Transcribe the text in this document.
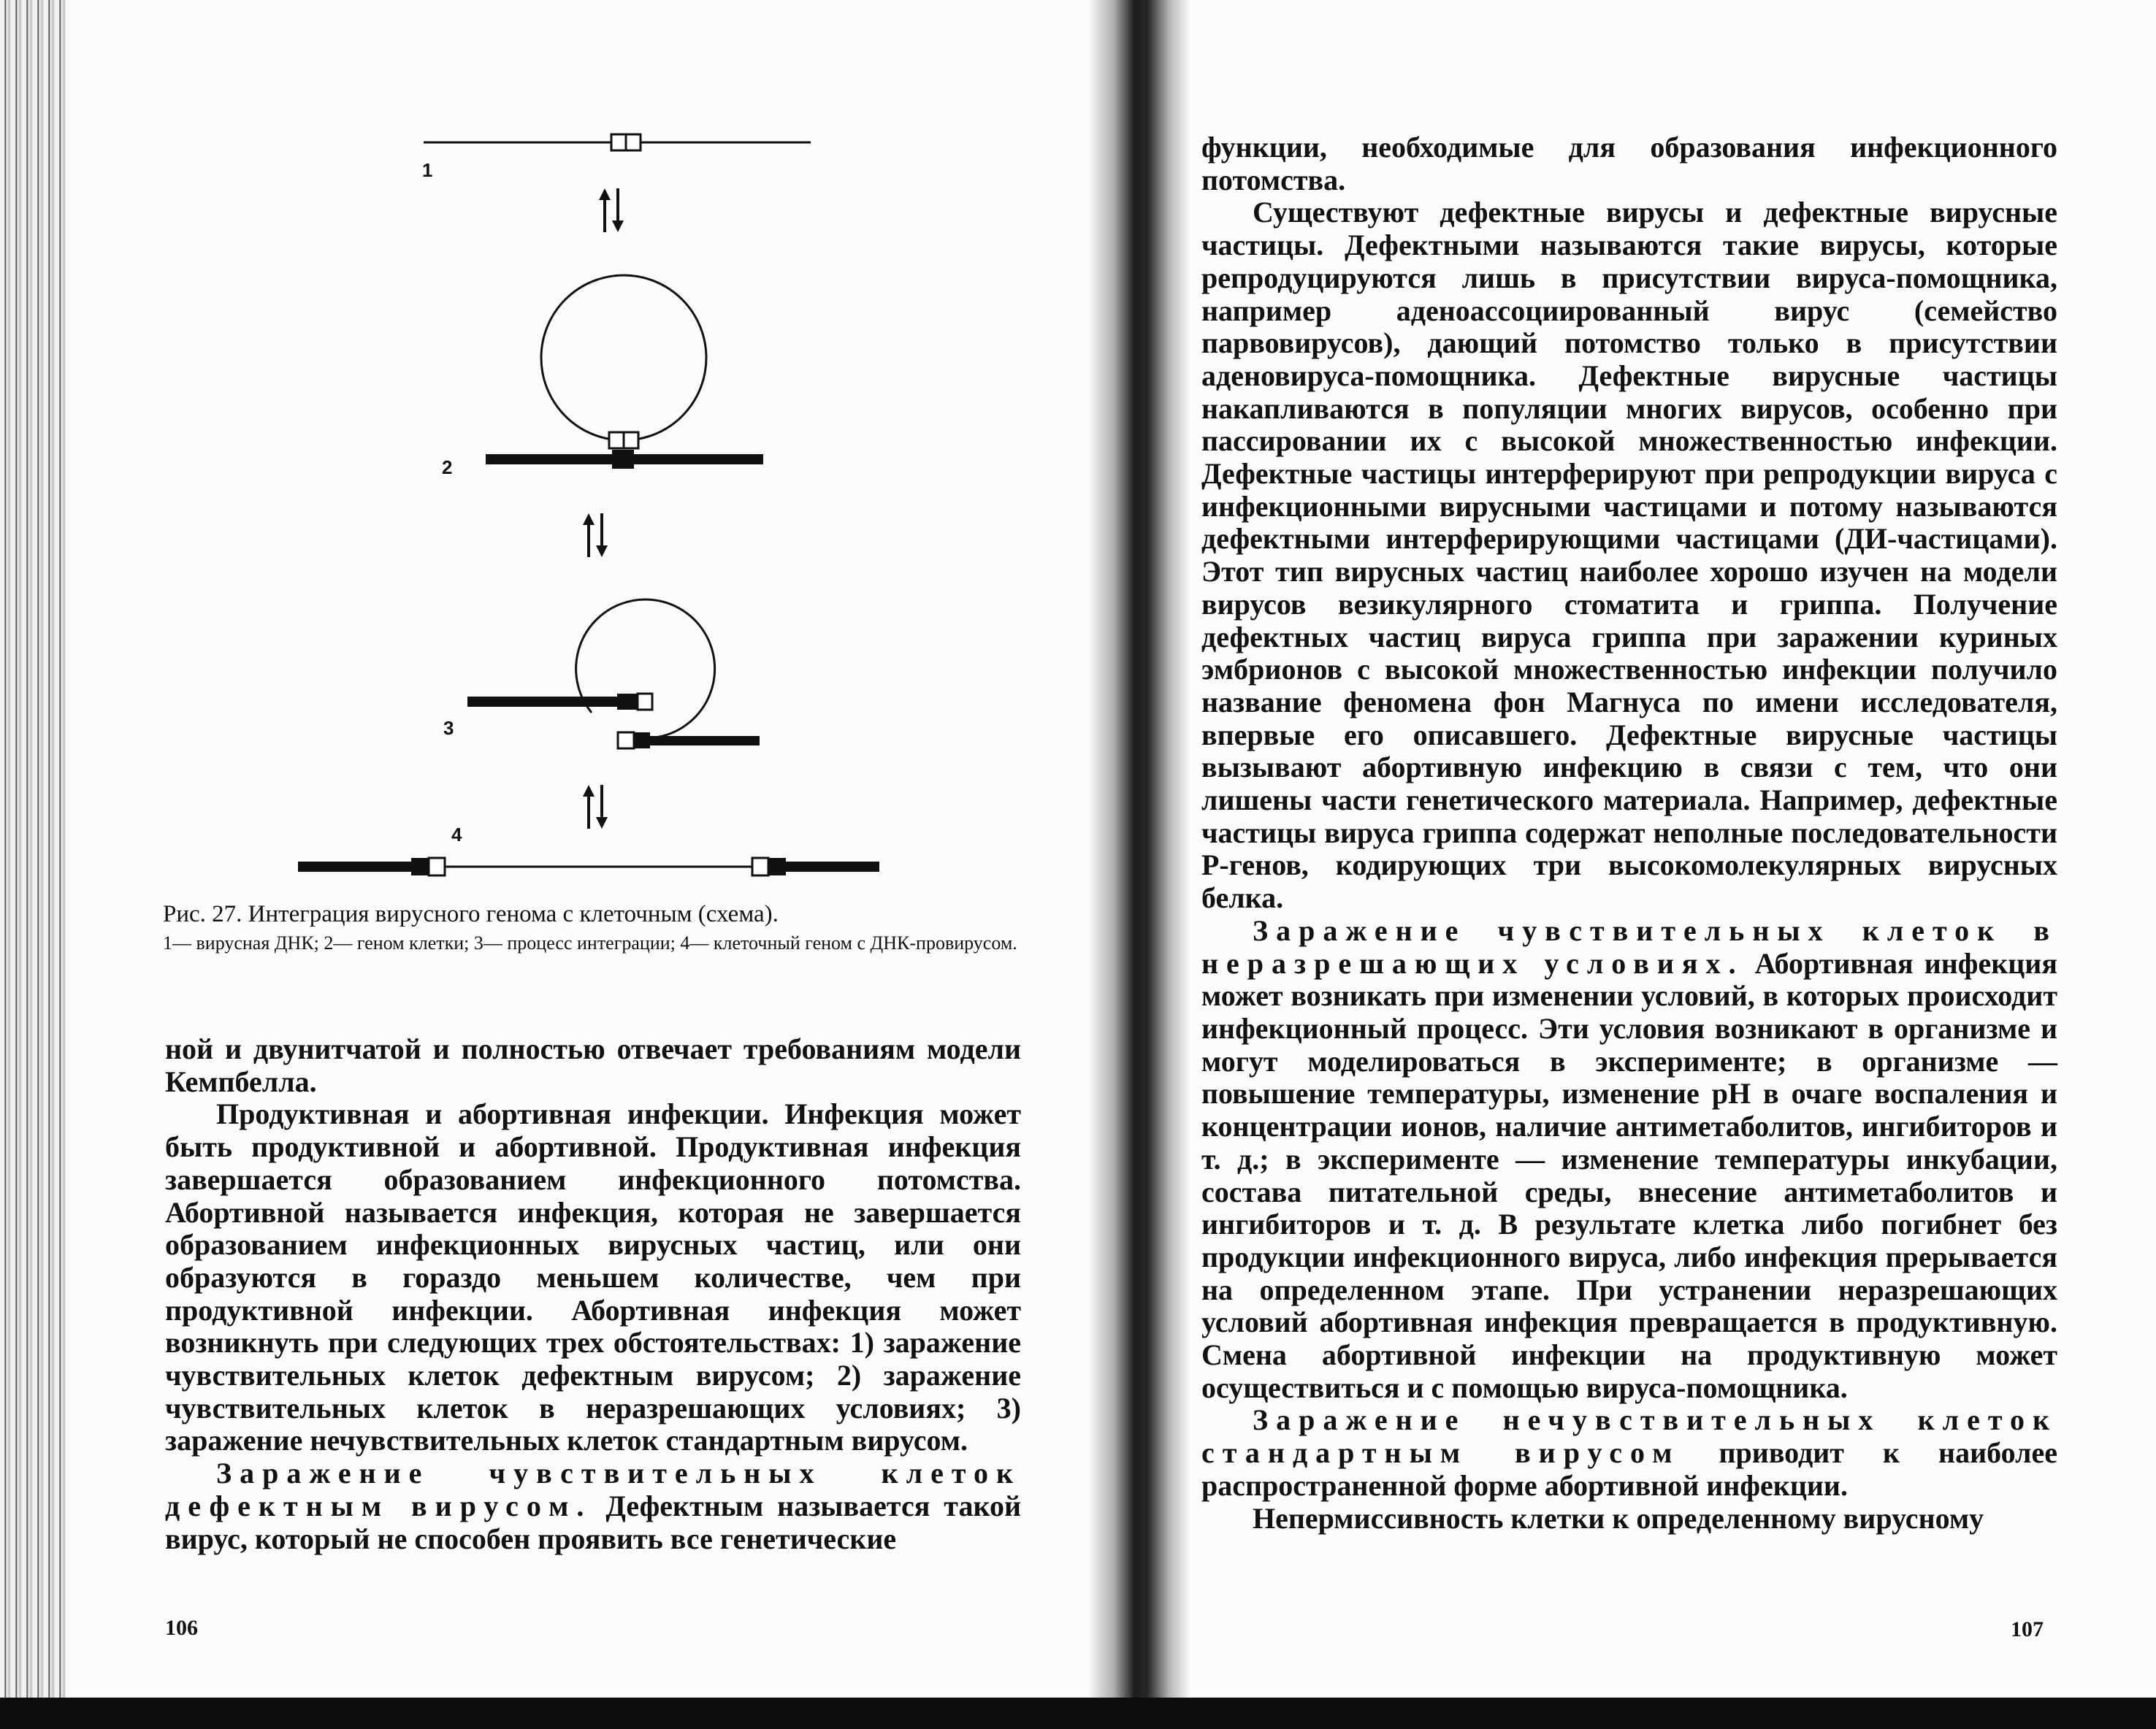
1
2
3
4

Рис. 27. Интеграция вирусного генома с клеточным (схема).

1— вирусная ДНК; 2— геном клетки; 3— процесс интеграции; 4— клеточный геном с ДНК-провирусом.

ной и двунитчатой и полностью отвечает требованиям модели Кемпбелла.

Продуктивная и абортивная инфекции. Инфекция может быть продуктивной и абортивной. Продуктивная инфекция завершается образованием инфекционного потомства. Абортивной называется инфекция, которая не завершается образованием инфекционных вирусных частиц, или они образуются в гораздо меньшем количестве, чем при продуктивной инфекции. Абортивная инфекция может возникнуть при следующих трех обстоятельствах: 1) заражение чувствительных клеток дефектным вирусом; 2) заражение чувствительных клеток в неразрешающих условиях; 3) заражение нечувствительных клеток стандартным вирусом.

Заражение чувствительных клеток дефектным вирусом. Дефектным называется такой вирус, который не способен проявить все генетические

106

функции, необходимые для образования инфекционного потомства.

Существуют дефектные вирусы и дефектные вирусные частицы. Дефектными называются такие вирусы, которые репродуцируются лишь в присутствии вируса-помощника, например аденоассоциированный вирус (семейство парвовирусов), дающий потомство только в присутствии аденовируса-помощника. Дефектные вирусные частицы накапливаются в популяции многих вирусов, особенно при пассировании их с высокой множественностью инфекции. Дефектные частицы интерферируют при репродукции вируса с инфекционными вирусными частицами и потому называются дефектными интерферирующими частицами (ДИ-частицами). Этот тип вирусных частиц наиболее хорошо изучен на модели вирусов везикулярного стоматита и гриппа. Получение дефектных частиц вируса гриппа при заражении куриных эмбрионов с высокой множественностью инфекции получило название феномена фон Магнуса по имени исследователя, впервые его описавшего. Дефектные вирусные частицы вызывают абортивную инфекцию в связи с тем, что они лишены части генетического материала. Например, дефектные частицы вируса гриппа содержат неполные последовательности Р-генов, кодирующих три высокомолекулярных вирусных белка.

Заражение чувствительных клеток в неразрешающих условиях. Абортивная инфекция может возникать при изменении условий, в которых происходит инфекционный процесс. Эти условия возникают в организме и могут моделироваться в эксперименте; в организме — повышение температуры, изменение pH в очаге воспаления и концентрации ионов, наличие антиметаболитов, ингибиторов и т. д.; в эксперименте — изменение температуры инкубации, состава питательной среды, внесение антиметаболитов и ингибиторов и т. д. В результате клетка либо погибнет без продукции инфекционного вируса, либо инфекция прерывается на определенном этапе. При устранении неразрешающих условий абортивная инфекция превращается в продуктивную. Смена абортивной инфекции на продуктивную может осуществиться и с помощью вируса-помощника.

Заражение нечувствительных клеток стандартным вирусом приводит к наиболее распространенной форме абортивной инфекции.

Непермиссивность клетки к определенному вирусному

107
